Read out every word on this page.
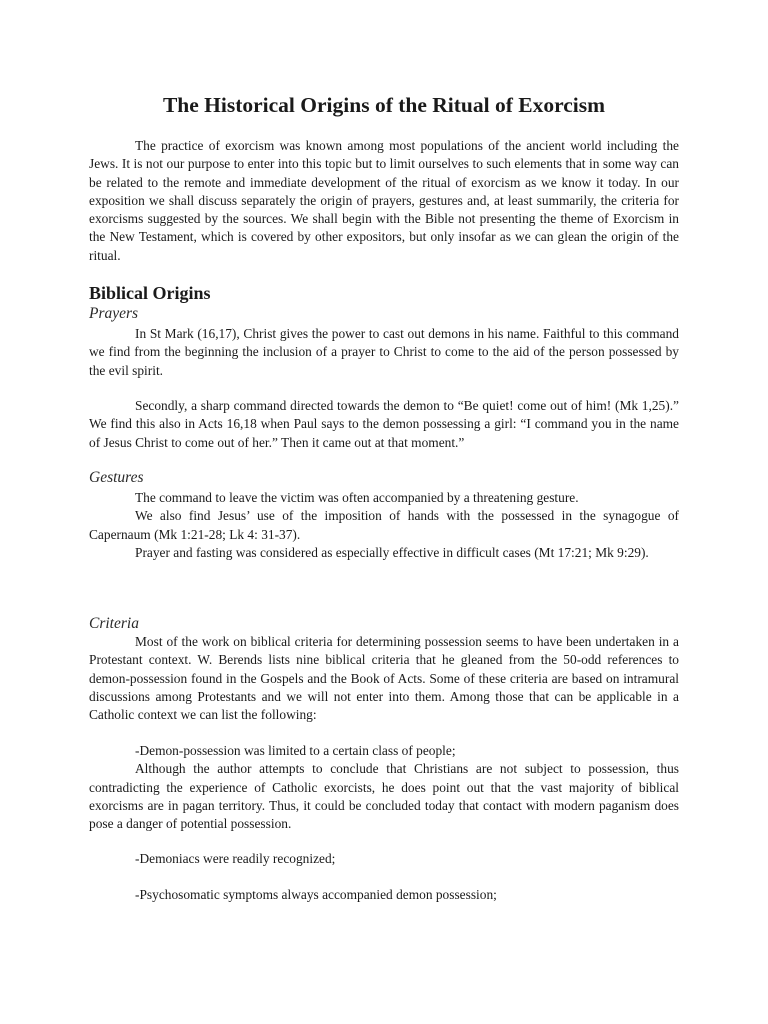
The Historical Origins of the Ritual of Exorcism

The practice of exorcism was known among most populations of the ancient world including the Jews. It is not our purpose to enter into this topic but to limit ourselves to such elements that in some way can be related to the remote and immediate development of the ritual of exorcism as we know it today. In our exposition we shall discuss separately the origin of prayers, gestures and, at least summarily, the criteria for exorcisms suggested by the sources. We shall begin with the Bible not presenting the theme of Exorcism in the New Testament, which is covered by other expositors, but only insofar as we can glean the origin of the ritual.

Biblical Origins
Prayers

In St Mark (16,17), Christ gives the power to cast out demons in his name. Faithful to this command we find from the beginning the inclusion of a prayer to Christ to come to the aid of the person possessed by the evil spirit.

Secondly, a sharp command directed towards the demon to “Be quiet! come out of him! (Mk 1,25).” We find this also in Acts 16,18 when Paul says to the demon possessing a girl: “I command you in the name of Jesus Christ to come out of her.” Then it came out at that moment.”

Gestures

The command to leave the victim was often accompanied by a threatening gesture.

We also find Jesus’ use of the imposition of hands with the possessed in the synagogue of Capernaum (Mk 1:21-28; Lk 4: 31-37).

Prayer and fasting was considered as especially effective in difficult cases (Mt 17:21; Mk 9:29).

Criteria

Most of the work on biblical criteria for determining possession seems to have been undertaken in a Protestant context. W. Berends lists nine biblical criteria that he gleaned from the 50-odd references to demon-possession found in the Gospels and the Book of Acts. Some of these criteria are based on intramural discussions among Protestants and we will not enter into them. Among those that can be applicable in a Catholic context we can list the following:

-Demon-possession was limited to a certain class of people;

Although the author attempts to conclude that Christians are not subject to possession, thus contradicting the experience of Catholic exorcists, he does point out that the vast majority of biblical exorcisms are in pagan territory. Thus, it could be concluded today that contact with modern paganism does pose a danger of potential possession.

-Demoniacs were readily recognized;

-Psychosomatic symptoms always accompanied demon possession;
